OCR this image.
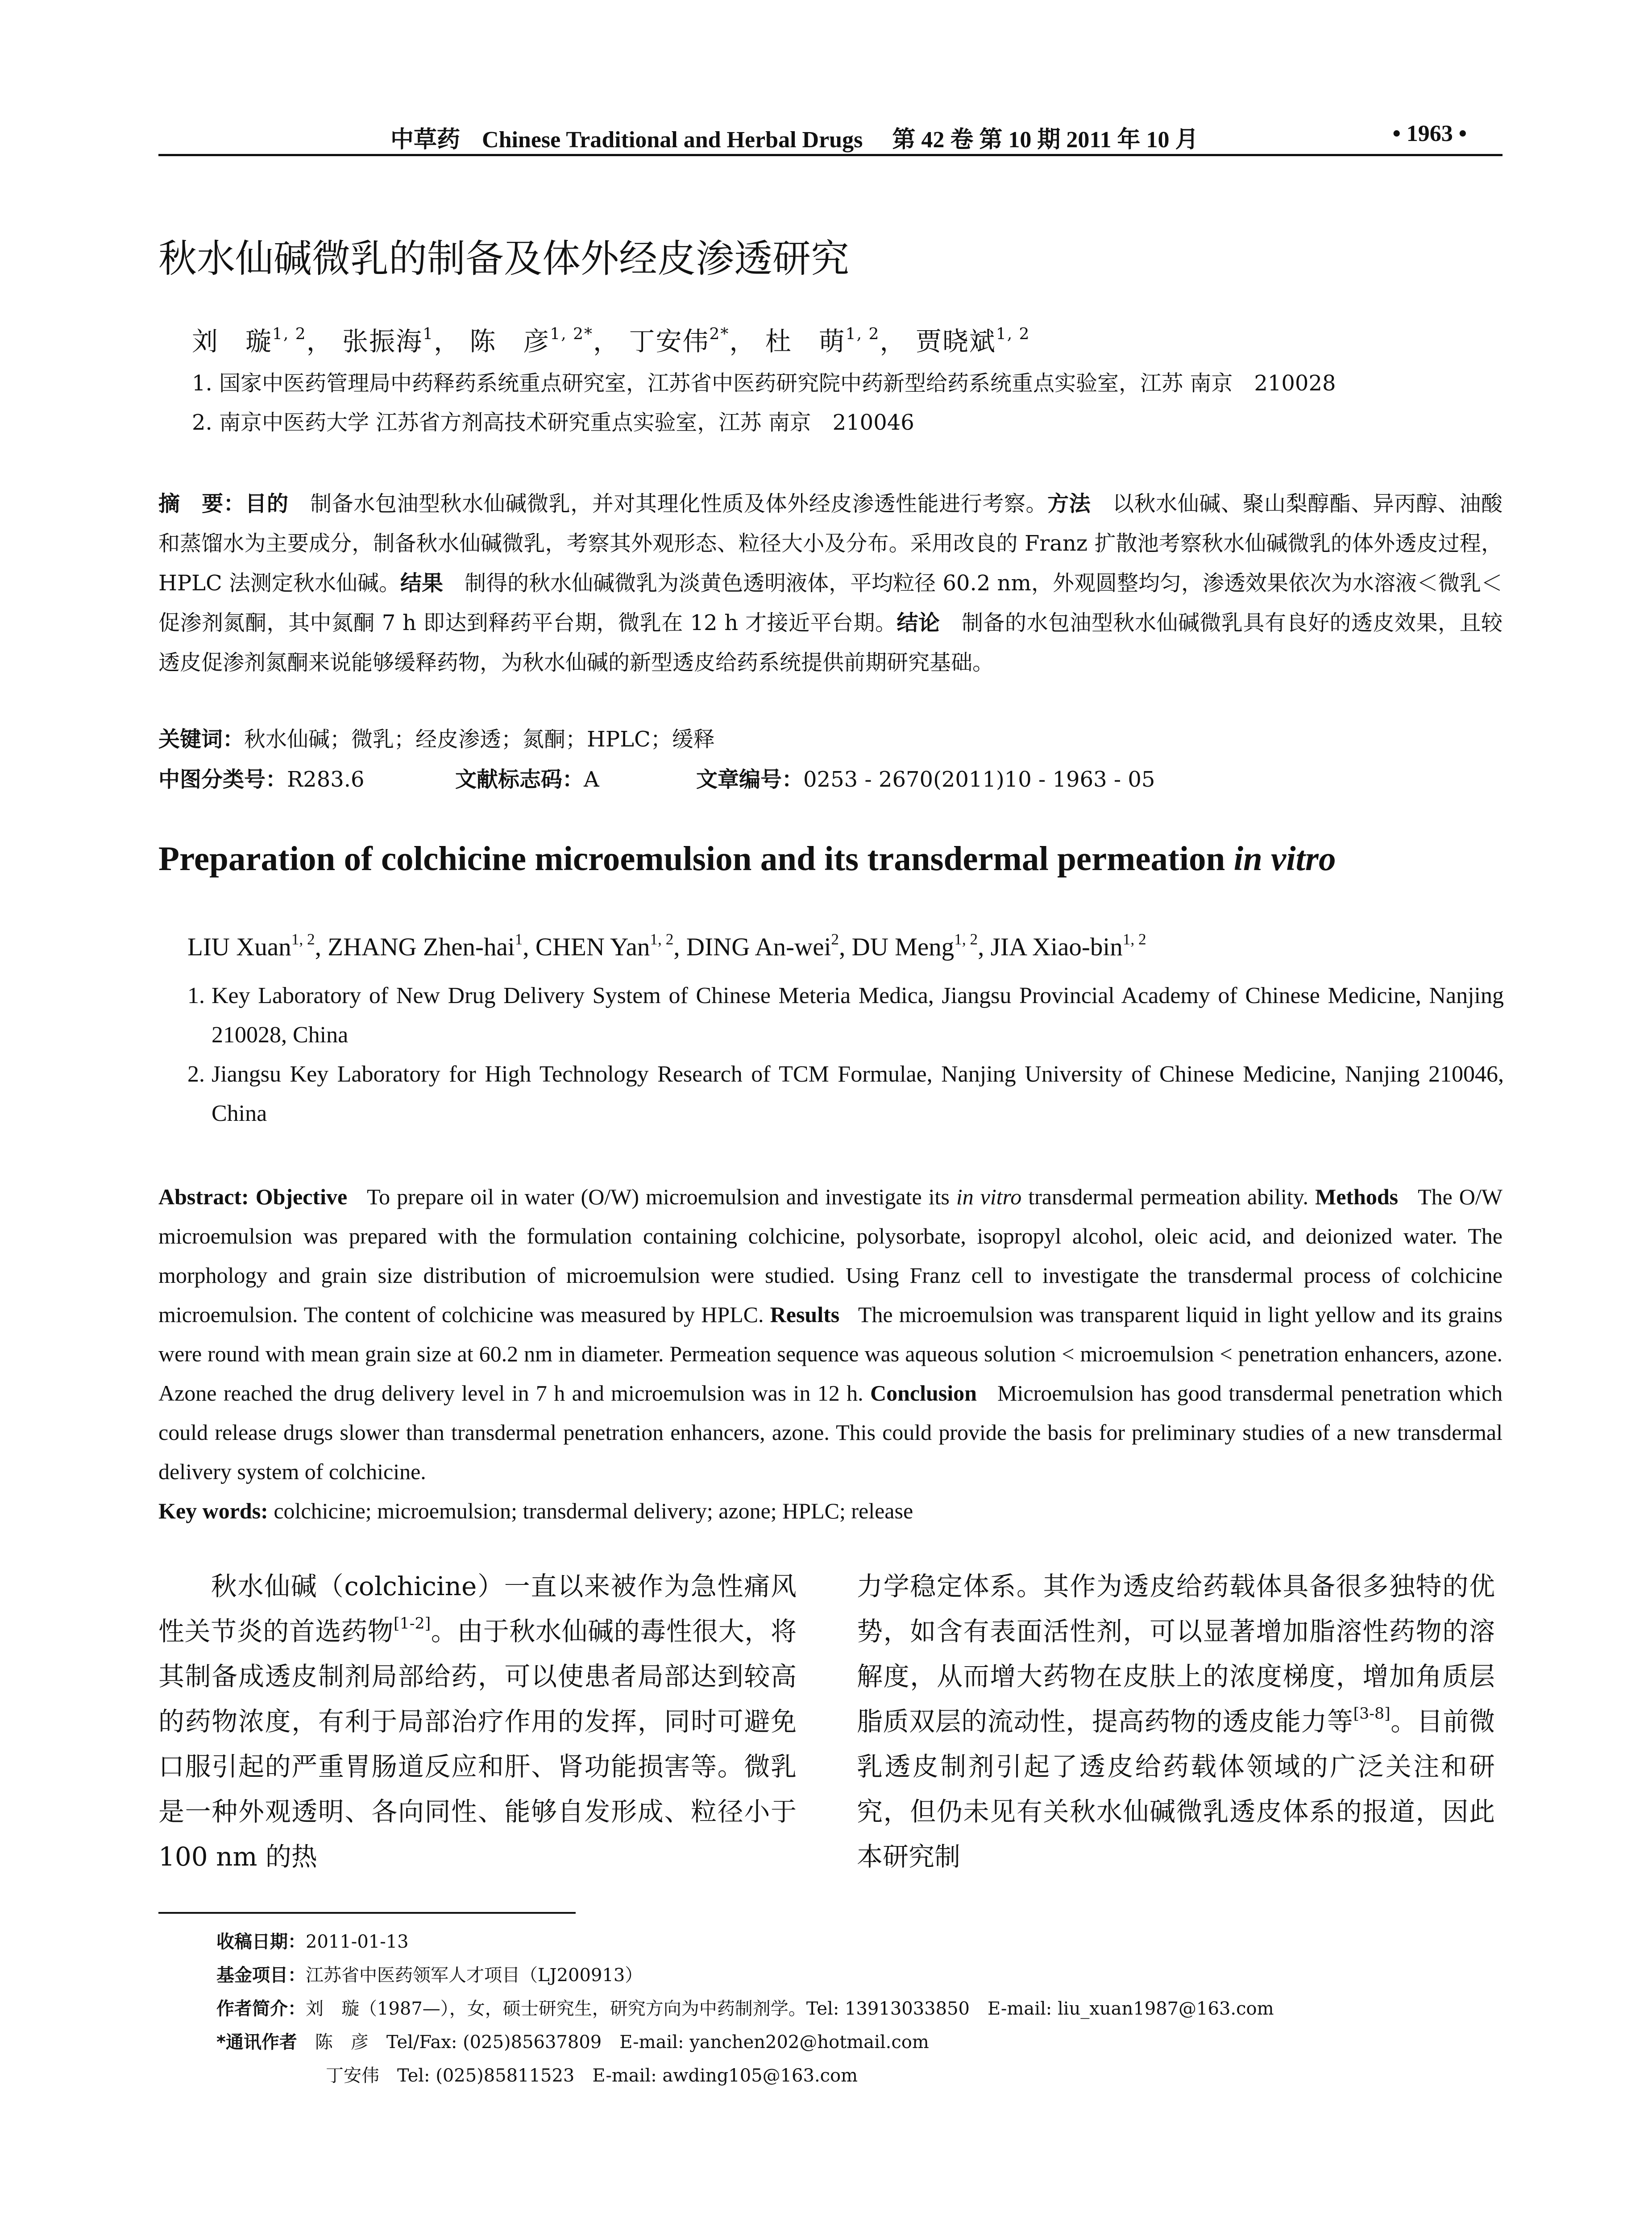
中草药 Chinese Traditional and Herbal Drugs 第 42 卷 第 10 期 2011 年 10 月	• 1963 •
秋水仙碱微乳的制备及体外经皮渗透研究
刘　璇$^{1, 2}$， 张振海$^1$， 陈　彦$^{1, 2*}$， 丁安伟$^{2*}$， 杜　萌$^{1, 2}$， 贾晓斌$^{1, 2}$
1. 国家中医药管理局中药释药系统重点研究室，江苏省中医药研究院中药新型给药系统重点实验室，江苏 南京　210028
2. 南京中医药大学 江苏省方剂高技术研究重点实验室，江苏 南京　210046
摘　要：目的　 制备水包油型秋水仙碱微乳，并对其理化性质及体外经皮渗透性能进行考察。方法　 以秋水仙碱、聚山梨醇酯、异丙醇、油酸和蒸馏水为主要成分，制备秋水仙碱微乳，考察其外观形态、粒径大小及分布。采用改良的 Franz 扩散池考察秋水仙碱微乳的体外透皮过程，HPLC 法测定秋水仙碱。结果　 制得的秋水仙碱微乳为淡黄色透明液体，平均粒径 60.2 nm，外观圆整均匀，渗透效果依次为水溶液＜微乳＜促渗剂氮酮，其中氮酮 7 h 即达到释药平台期，微乳在 12 h 才接近平台期。结论　 制备的水包油型秋水仙碱微乳具有良好的透皮效果，且较透皮促渗剂氮酮来说能够缓释药物，为秋水仙碱的新型透皮给药系统提供前期研究基础。
关键词：秋水仙碱；微乳；经皮渗透；氮酮；HPLC；缓释
中图分类号：R283.6	文献标志码：A	文章编号：0253 - 2670(2011)10 - 1963 - 05
Preparation of colchicine microemulsion and its transdermal permeation in vitro
LIU Xuan$^{1, 2}$, ZHANG Zhen-hai$^1$, CHEN Yan$^{1, 2}$, DING An-wei$^2$, DU Meng$^{1, 2}$, JIA Xiao-bin$^{1, 2}$
1. Key Laboratory of New Drug Delivery System of Chinese Meteria Medica, Jiangsu Provincial Academy of Chinese Medicine, Nanjing 210028, China
2. Jiangsu Key Laboratory for High Technology Research of TCM Formulae, Nanjing University of Chinese Medicine, Nanjing 210046, China
Abstract: Objective To prepare oil in water (O/W) microemulsion and investigate its in vitro transdermal permeation ability. Methods The O/W microemulsion was prepared with the formulation containing colchicine, polysorbate, isopropyl alcohol, oleic acid, and deionized water. The morphology and grain size distribution of microemulsion were studied. Using Franz cell to investigate the transdermal process of colchicine microemulsion. The content of colchicine was measured by HPLC. Results The microemulsion was transparent liquid in light yellow and its grains were round with mean grain size at 60.2 nm in diameter. Permeation sequence was aqueous solution < microemulsion < penetration enhancers, azone. Azone reached the drug delivery level in 7 h and microemulsion was in 12 h. Conclusion Microemulsion has good transdermal penetration which could release drugs slower than transdermal penetration enhancers, azone. This could provide the basis for preliminary studies of a new transdermal delivery system of colchicine.
Key words: colchicine; microemulsion; transdermal delivery; azone; HPLC; release
秋水仙碱（colchicine）一直以来被作为急性痛风性关节炎的首选药物[1-2]。由于秋水仙碱的毒性很大，将其制备成透皮制剂局部给药，可以使患者局部达到较高的药物浓度，有利于局部治疗作用的发挥，同时可避免口服引起的严重胃肠道反应和肝、肾功能损害等。微乳是一种外观透明、各向同性、能够自发形成、粒径小于 100 nm 的热
力学稳定体系。其作为透皮给药载体具备很多独特的优势，如含有表面活性剂，可以显著增加脂溶性药物的溶解度，从而增大药物在皮肤上的浓度梯度，增加角质层脂质双层的流动性，提高药物的透皮能力等[3-8]。目前微乳透皮制剂引起了透皮给药载体领域的广泛关注和研究，但仍未见有关秋水仙碱微乳透皮体系的报道，因此本研究制
收稿日期：2011-01-13
基金项目：江苏省中医药领军人才项目（LJ200913）
作者简介：刘　璇（1987—），女，硕士研究生，研究方向为中药制剂学。Tel: 13913033850　E-mail: liu_xuan1987@163.com
*通讯作者　 陈　彦　Tel/Fax: (025)85637809　E-mail: yanchen202@hotmail.com
丁安伟　Tel: (025)85811523　E-mail: awding105@163.com
